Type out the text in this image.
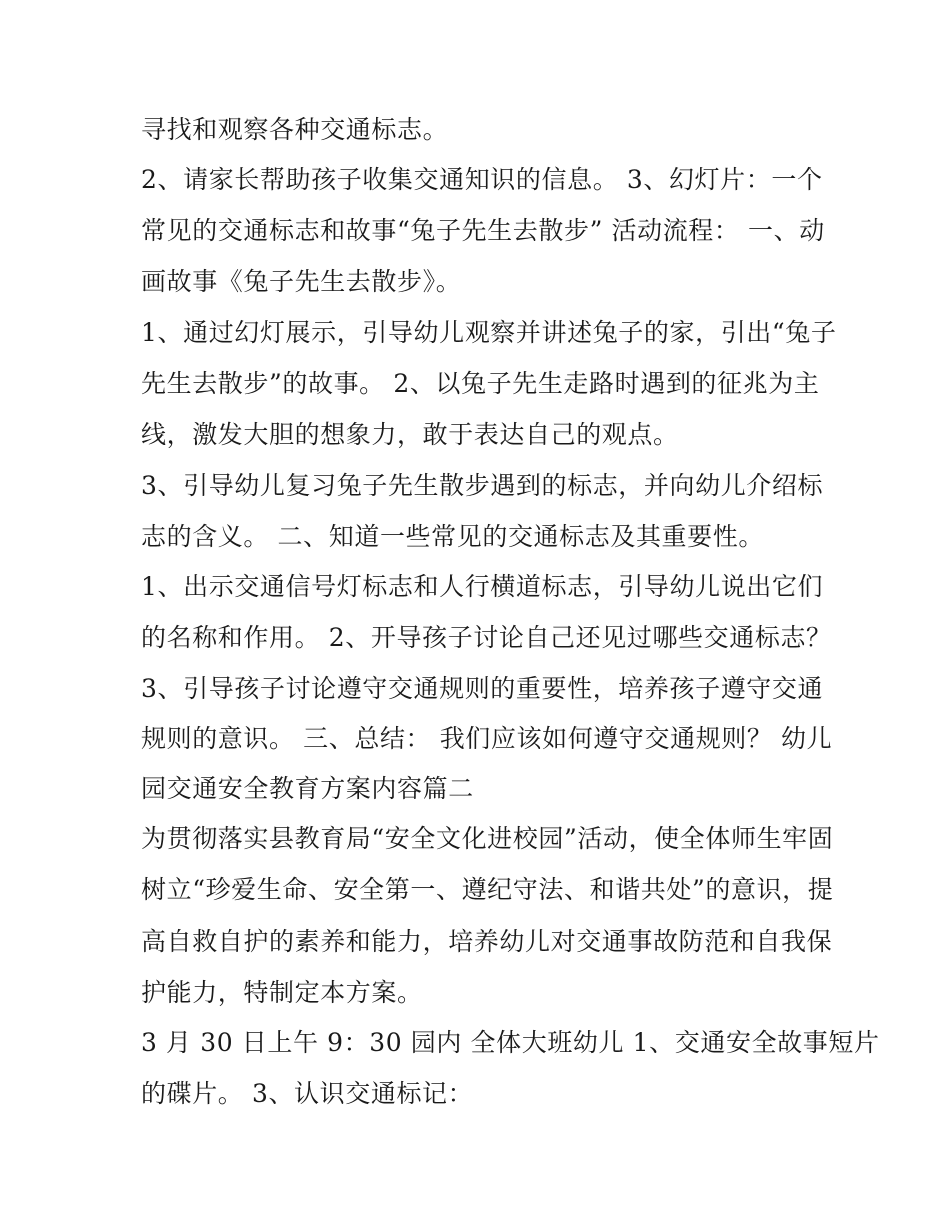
寻找和观察各种交通标志。
2、请家长帮助孩子收集交通知识的信息。 3、幻灯片：一个
常见的交通标志和故事“兔子先生去散步” 活动流程： 一、动
画故事《兔子先生去散步》。
1、通过幻灯展示，引导幼儿观察并讲述兔子的家，引出“兔子
先生去散步”的故事。 2、以兔子先生走路时遇到的征兆为主
线，激发大胆的想象力，敢于表达自己的观点。
3、引导幼儿复习兔子先生散步遇到的标志，并向幼儿介绍标
志的含义。 二、知道一些常见的交通标志及其重要性。
1、出示交通信号灯标志和人行横道标志，引导幼儿说出它们
的名称和作用。 2、开导孩子讨论自己还见过哪些交通标志？
3、引导孩子讨论遵守交通规则的重要性，培养孩子遵守交通
规则的意识。 三、总结： 我们应该如何遵守交通规则？ 幼儿
园交通安全教育方案内容篇二
为贯彻落实县教育局“安全文化进校园”活动，使全体师生牢固
树立“珍爱生命、安全第一、遵纪守法、和谐共处”的意识，提
高自救自护的素养和能力，培养幼儿对交通事故防范和自我保
护能力，特制定本方案。
3 月 30 日上午 9：30 园内 全体大班幼儿 1、交通安全故事短片
的碟片。 3、认识交通标记：
